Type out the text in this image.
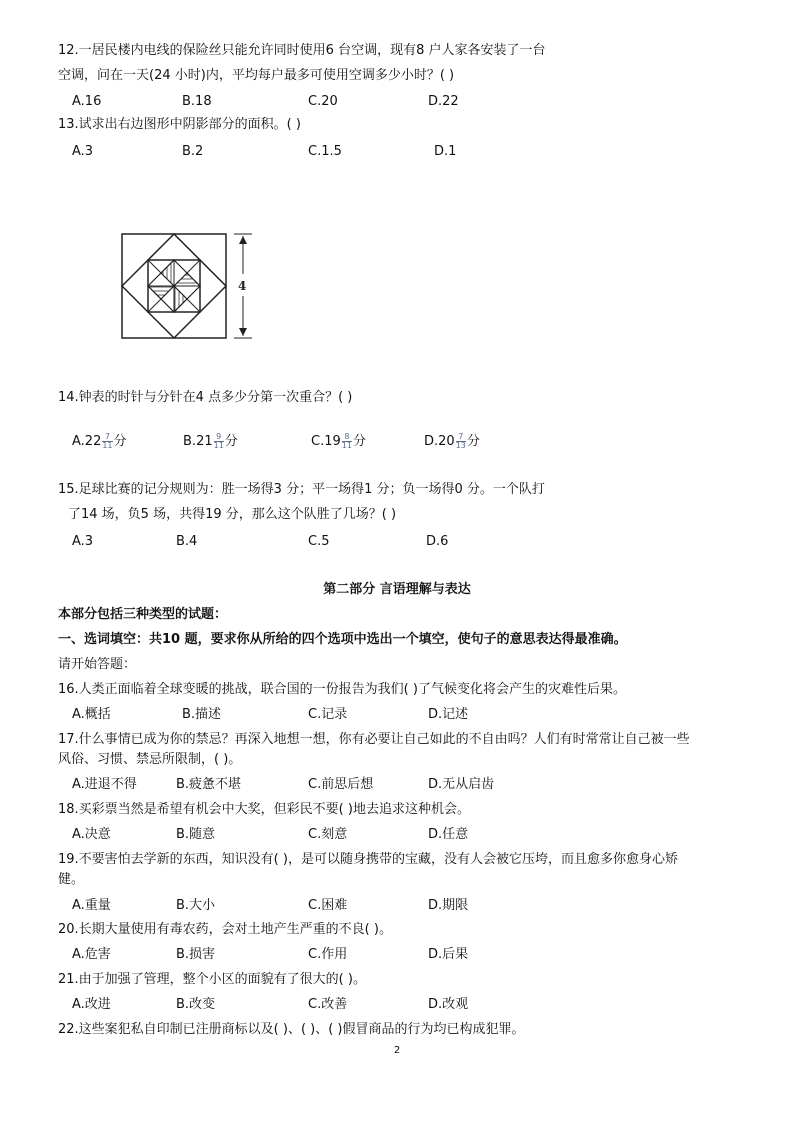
12.一居民楼内电线的保险丝只能允许同时使用6 台空调，现有8 户人家各安装了一台
空调，问在一天(24 小时)内，平均每户最多可使用空调多少小时？( )
A.16	B.18	C.20	D.22
13.试求出右边图形中阴影部分的面积。( )
A.3	B.2	C.1.5	D.1
4
14.钟表的时针与分针在4 点多少分第一次重合？( )
$A.22 \frac{7}{11}$ 分	$B.21 \frac{9}{11}$ 分	$C.19 \frac{8}{11}$ 分	$D.20 \frac{7}{13}$ 分
15.足球比赛的记分规则为：胜一场得3 分；平一场得1 分；负一场得0 分。一个队打
了14 场，负5 场，共得19 分，那么这个队胜了几场？( )
A.3	B.4	C.5	D.6
第二部分 言语理解与表达
本部分包括三种类型的试题：
一、选词填空：共10 题，要求你从所给的四个选项中选出一个填空，使句子的意思表达得最准确。
请开始答题：
16.人类正面临着全球变暖的挑战，联合国的一份报告为我们( )了气候变化将会产生的灾难性后果。
A.概括	B.描述	C.记录	D.记述
17.什么事情已成为你的禁忌？再深入地想一想，你有必要让自己如此的不自由吗？人们有时常常让自己被一些
风俗、习惯、禁忌所限制，( )。
A.进退不得	B.疲惫不堪	C.前思后想	D.无从启齿
18.买彩票当然是希望有机会中大奖，但彩民不要( )地去追求这种机会。
A.决意	B.随意	C.刻意	D.任意
19.不要害怕去学新的东西，知识没有( )，是可以随身携带的宝藏，没有人会被它压垮，而且愈多你愈身心矫
健。
A.重量	B.大小	C.困难	D.期限
20.长期大量使用有毒农药，会对土地产生严重的不良( )。
A.危害	B.损害	C.作用	D.后果
21.由于加强了管理，整个小区的面貌有了很大的( )。
A.改进	B.改变	C.改善	D.改观
22.这些案犯私自印制已注册商标以及( )、( )、( )假冒商品的行为均已构成犯罪。
2
